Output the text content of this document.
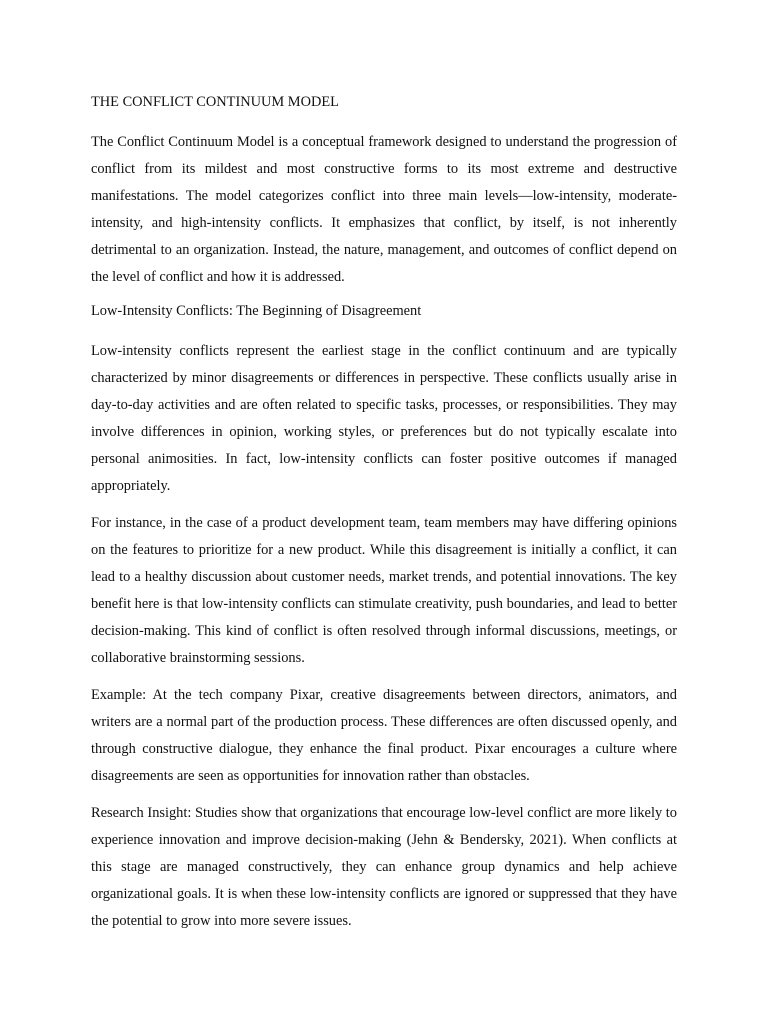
THE CONFLICT CONTINUUM MODEL

The Conflict Continuum Model is a conceptual framework designed to understand the progression of conflict from its mildest and most constructive forms to its most extreme and destructive manifestations. The model categorizes conflict into three main levels—low-intensity, moderate-intensity, and high-intensity conflicts. It emphasizes that conflict, by itself, is not inherently detrimental to an organization. Instead, the nature, management, and outcomes of conflict depend on the level of conflict and how it is addressed.

Low-Intensity Conflicts: The Beginning of Disagreement

Low-intensity conflicts represent the earliest stage in the conflict continuum and are typically characterized by minor disagreements or differences in perspective. These conflicts usually arise in day-to-day activities and are often related to specific tasks, processes, or responsibilities. They may involve differences in opinion, working styles, or preferences but do not typically escalate into personal animosities. In fact, low-intensity conflicts can foster positive outcomes if managed appropriately.

For instance, in the case of a product development team, team members may have differing opinions on the features to prioritize for a new product. While this disagreement is initially a conflict, it can lead to a healthy discussion about customer needs, market trends, and potential innovations. The key benefit here is that low-intensity conflicts can stimulate creativity, push boundaries, and lead to better decision-making. This kind of conflict is often resolved through informal discussions, meetings, or collaborative brainstorming sessions.

Example: At the tech company Pixar, creative disagreements between directors, animators, and writers are a normal part of the production process. These differences are often discussed openly, and through constructive dialogue, they enhance the final product. Pixar encourages a culture where disagreements are seen as opportunities for innovation rather than obstacles.

Research Insight: Studies show that organizations that encourage low-level conflict are more likely to experience innovation and improve decision-making (Jehn & Bendersky, 2021). When conflicts at this stage are managed constructively, they can enhance group dynamics and help achieve organizational goals. It is when these low-intensity conflicts are ignored or suppressed that they have the potential to grow into more severe issues.
